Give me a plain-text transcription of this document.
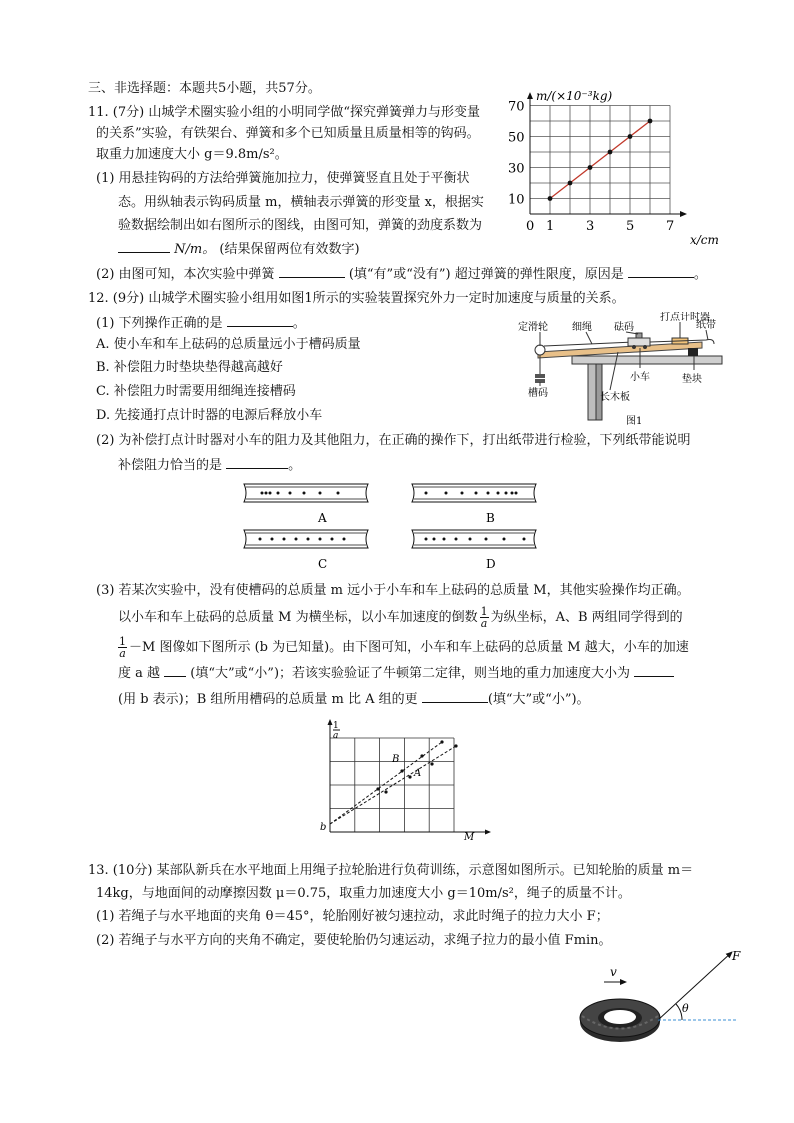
三、非选择题：本题共5小题，共57分。
11. (7分) 山城学术圈实验小组的小明同学做“探究弹簧弹力与形变量
的关系”实验，有铁架台、弹簧和多个已知质量且质量相等的钩码。
取重力加速度大小 g＝9.8m/s²。
(1) 用悬挂钩码的方法给弹簧施加拉力，使弹簧竖直且处于平衡状
态。用纵轴表示钩码质量 m，横轴表示弹簧的形变量 x，根据实
验数据绘制出如右图所示的图线，由图可知，弹簧的劲度系数为
N/m。 (结果保留两位有效数字)
(2) 由图可知，本次实验中弹簧	(填“有”或“没有”) 超过弹簧的弹性限度，原因是	。
0 1 3 5 7
10
30
50
70
m/(×10⁻³kg)
x/cm
12. (9分) 山城学术圈实验小组用如图1所示的实验装置探究外力一定时加速度与质量的关系。
(1) 下列操作正确的是	。
A. 使小车和车上砝码的总质量远小于槽码质量
B. 补偿阻力时垫块垫得越高越好
C. 补偿阻力时需要用细绳连接槽码
D. 先接通打点计时器的电源后释放小车
(2) 为补偿打点计时器对小车的阻力及其他阻力，在正确的操作下，打出纸带进行检验，下列纸带能说明
补偿阻力恰当的是	。
定滑轮 细绳 砝码
打点计时器
纸带
槽码
小车	垫块
长木板
图1
A	B
C	D
(3) 若某次实验中，没有使槽码的总质量 m 远小于小车和车上砝码的总质量 M，其他实验操作均正确。
以小车和车上砝码的总质量 M 为横坐标，以小车加速度的倒数 $\frac{1}{a}$ 为纵坐标，A、B 两组同学得到的
$\frac{1}{a} -M$ 图像如下图所示 (b 为已知量)。由下图可知，小车和车上砝码的总质量 M 越大，小车的加速
度 a 越 (填“大”或“小”)；若该实验验证了牛顿第二定律，则当地的重力加速度大小为
(用 b 表示)；B 组所用槽码的总质量 m 比 A 组的更	(填“大”或“小”)。
1
a
M
b
B
A
13. (10分) 某部队新兵在水平地面上用绳子拉轮胎进行负荷训练，示意图如图所示。已知轮胎的质量 m＝
14kg，与地面间的动摩擦因数 μ＝0.75，取重力加速度大小 g＝10m/s²，绳子的质量不计。
(1) 若绳子与水平地面的夹角 θ＝45°，轮胎刚好被匀速拉动，求此时绳子的拉力大小 F；
(2) 若绳子与水平方向的夹角不确定，要使轮胎仍匀速运动，求绳子拉力的最小值 Fmin。
v
F
θ
